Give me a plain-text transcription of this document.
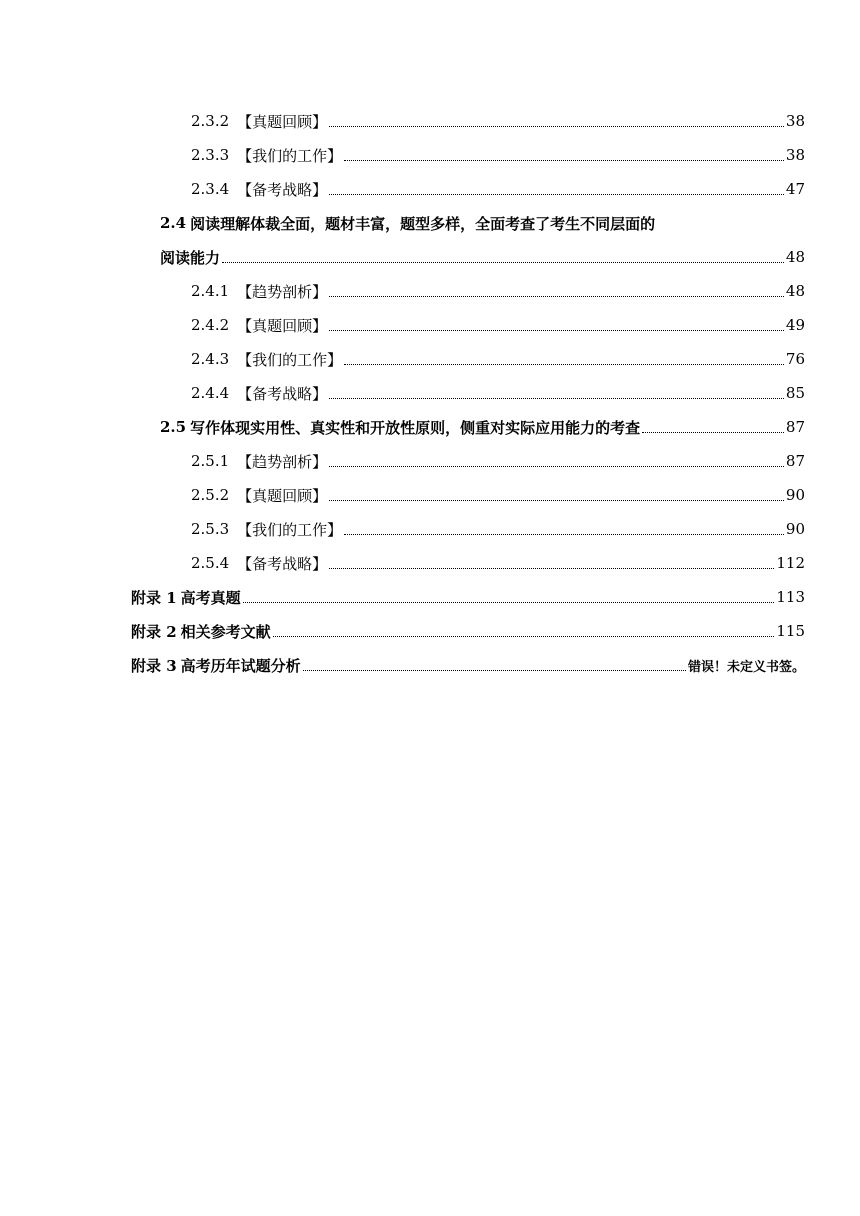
2.3.2 【真题回顾】	38
2.3.3 【我们的工作】	38
2.3.4 【备考战略】	47
2.4 阅读理解体裁全面，题材丰富，题型多样，全面考查了考生不同层面的
阅读能力	48
2.4.1 【趋势剖析】	48
2.4.2 【真题回顾】	49
2.4.3 【我们的工作】	76
2.4.4 【备考战略】	85
2.5 写作体现实用性、真实性和开放性原则，侧重对实际应用能力的考查	87
2.5.1 【趋势剖析】	87
2.5.2 【真题回顾】	90
2.5.3 【我们的工作】	90
2.5.4 【备考战略】	112
附录 1 高考真题	113
附录 2 相关参考文献	115
附录 3 高考历年试题分析	错误！未定义书签。
